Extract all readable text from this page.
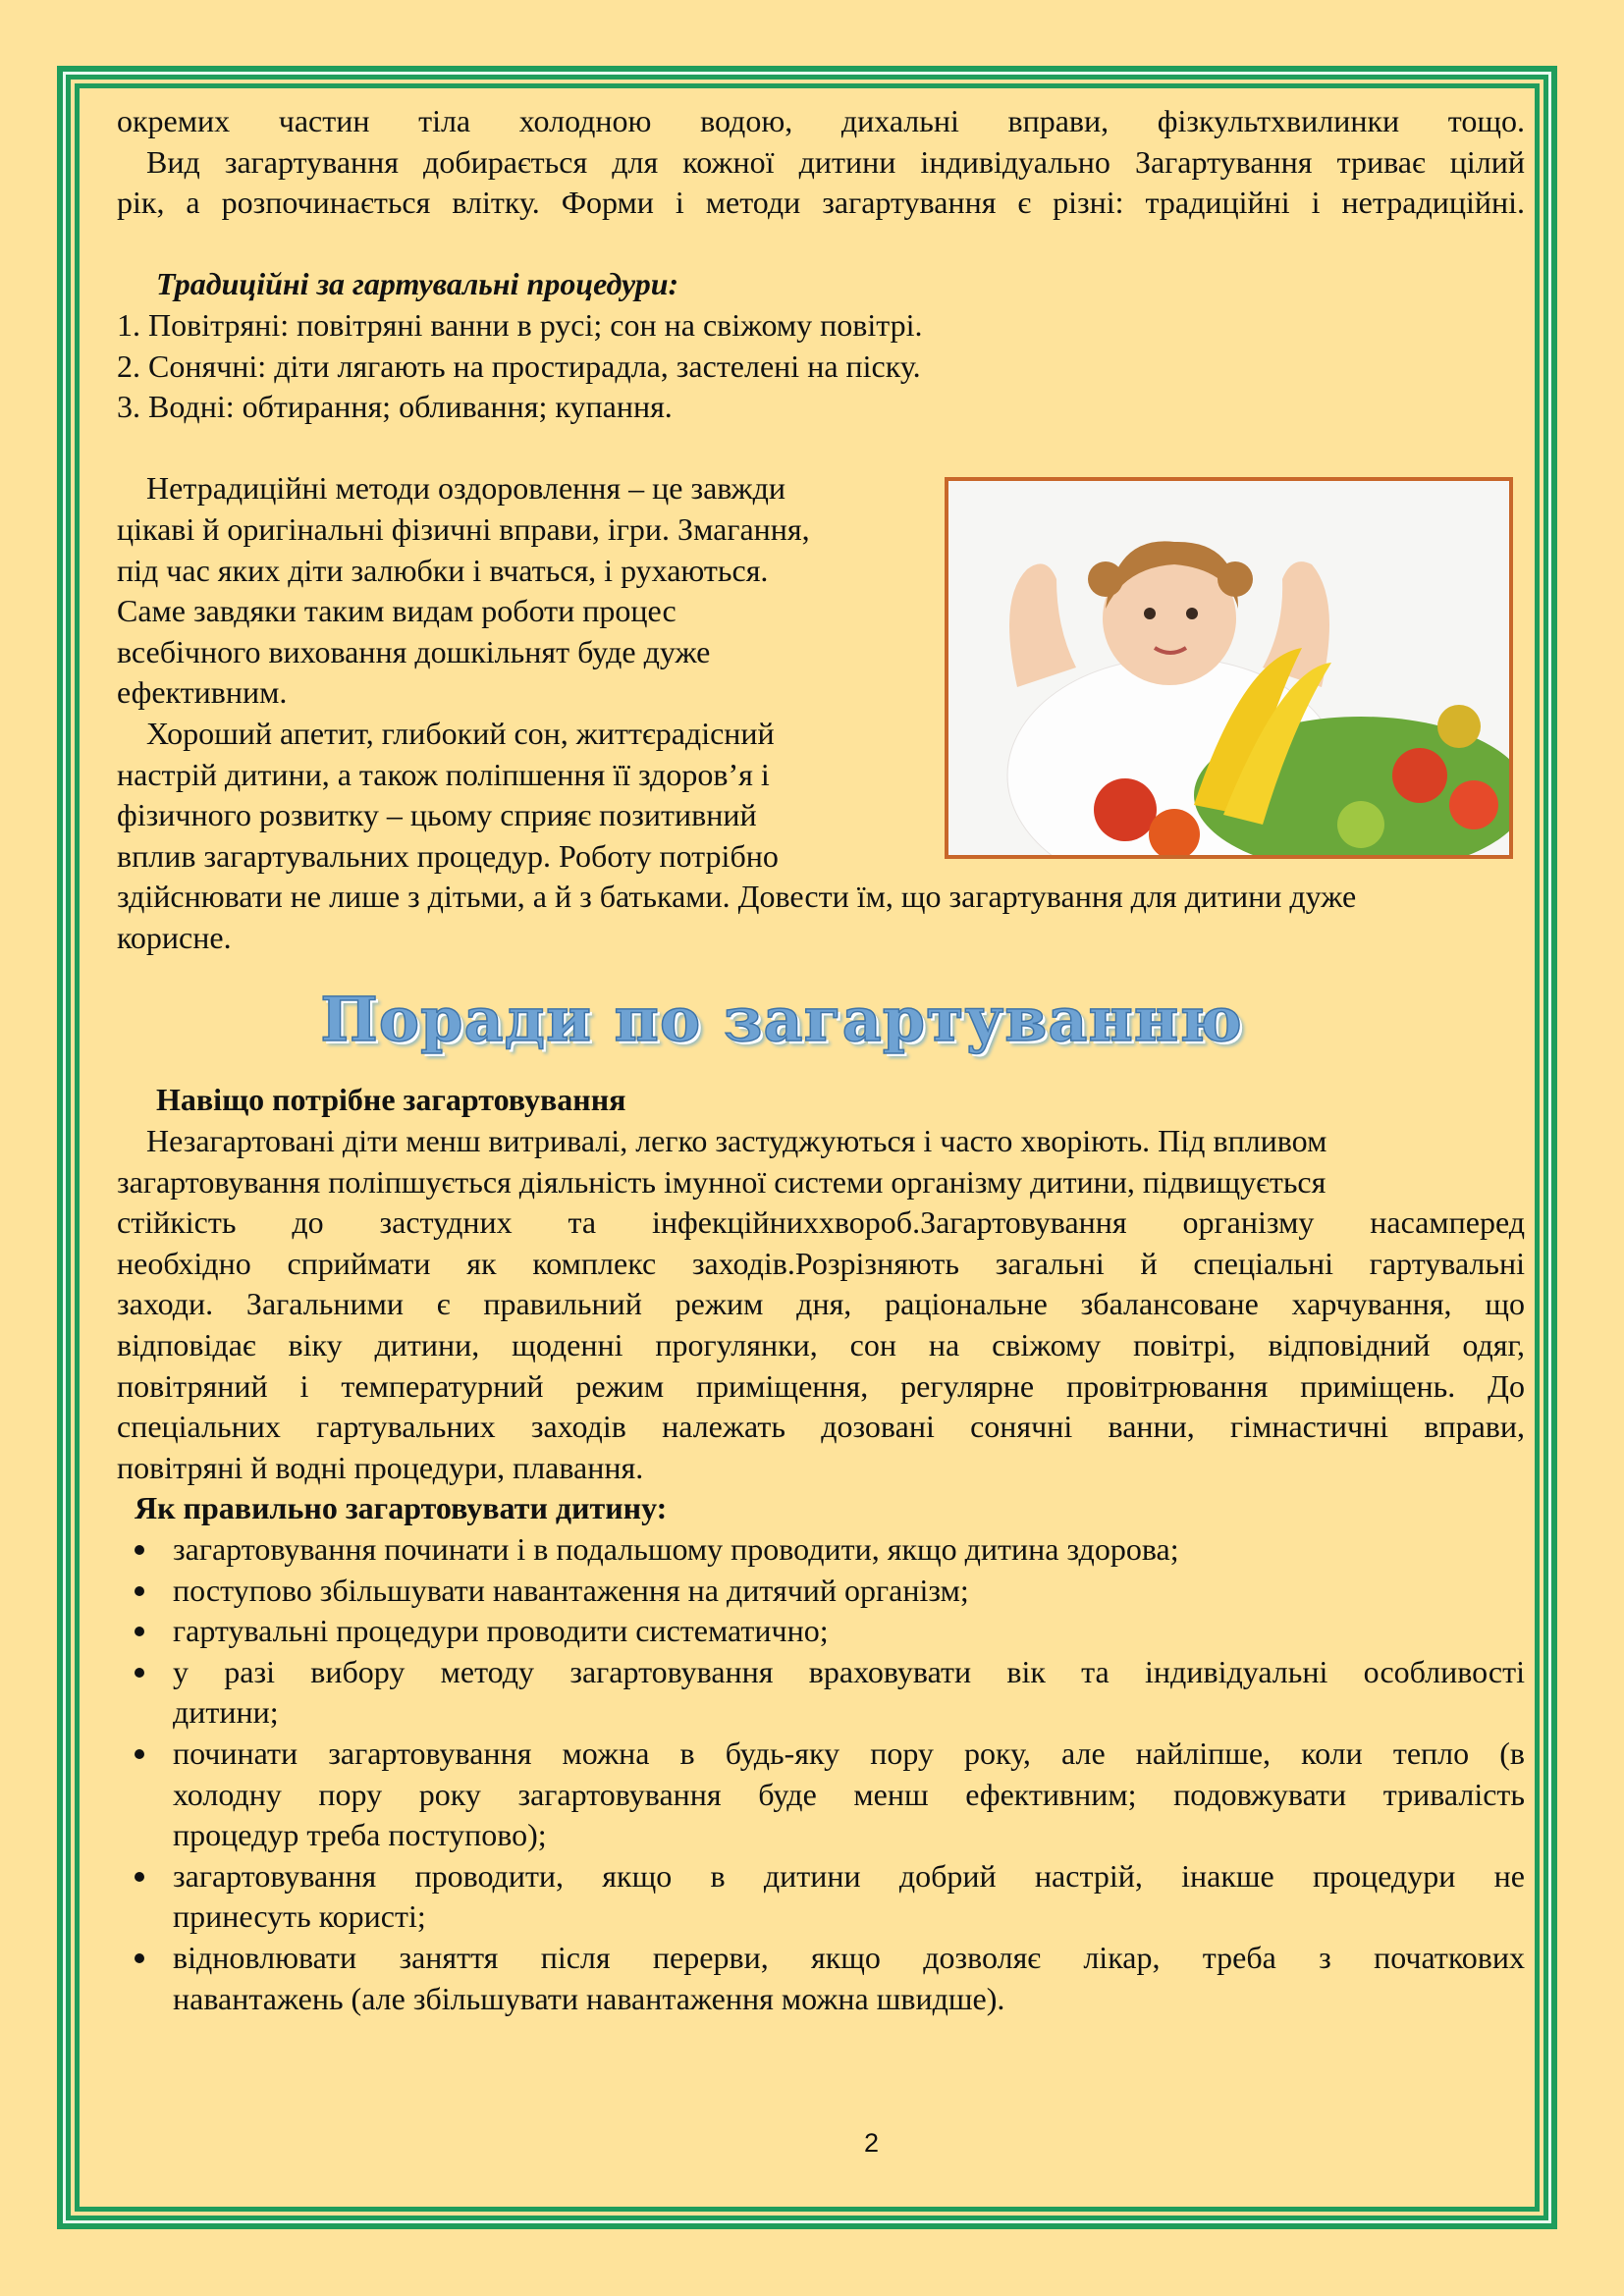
окремих частин тіла холодною водою, дихальні вправи, фізкультхвилинки тощо.
Вид загартування добирається для кожної дитини індивідуально Загартування триває цілий
рік, а розпочинається влітку. Форми і методи загартування є різні: традиційні і нетрадиційні.
Традиційні за гартувальні процедури:
1. Повітряні: повітряні ванни в русі; сон на свіжому повітрі.
2. Сонячні: діти лягають на простирадла, застелені на піску.
3. Водні: обтирання; обливання; купання.
Нетрадиційні методи оздоровлення – це завжди
цікаві й оригінальні фізичні вправи, ігри. Змагання,
під час яких діти залюбки і вчаться, і рухаються.
Саме завдяки таким видам роботи процес
всебічного виховання дошкільнят буде дуже
ефективним.
Хороший апетит, глибокий сон, життєрадісний
настрій дитини, а також поліпшення її здоров’я і
фізичного розвитку – цьому сприяє позитивний
вплив загартувальних процедур. Роботу потрібно
здійснювати не лише з дітьми, а й з батьками. Довести їм, що загартування для дитини дуже
корисне.
Поради по загартуванню
Навіщо потрібне загартовування
Незагартовані діти менш витривалі, легко застуджуються і часто хворіють. Під впливом
загартовування поліпшується діяльність імунної системи організму дитини, підвищується
стійкість до застудних та інфекційниххвороб.Загартовування організму насамперед
необхідно сприймати як комплекс заходів.Розрізняють загальні й спеціальні гартувальні
заходи. Загальними є правильний режим дня, раціональне збалансоване харчування, що
відповідає віку дитини, щоденні прогулянки, сон на свіжому повітрі, відповідний одяг,
повітряний і температурний режим приміщення, регулярне провітрювання приміщень. До
спеціальних гартувальних заходів належать дозовані сонячні ванни, гімнастичні вправи,
повітряні й водні процедури, плавання.
Як правильно загартовувати дитину:
загартовування починати і в подальшому проводити, якщо дитина здорова;
поступово збільшувати навантаження на дитячий організм;
гартувальні процедури проводити систематично;
у разі вибору методу загартовування враховувати вік та індивідуальні особливості
дитини;
починати загартовування можна в будь-яку пору року, але найліпше, коли тепло (в
холодну пору року загартовування буде менш ефективним; подовжувати тривалість
процедур треба поступово);
загартовування проводити, якщо в дитини добрий настрій, інакше процедури не
принесуть користі;
відновлювати заняття після перерви, якщо дозволяє лікар, треба з початкових
навантажень (але збільшувати навантаження можна швидше).
2
